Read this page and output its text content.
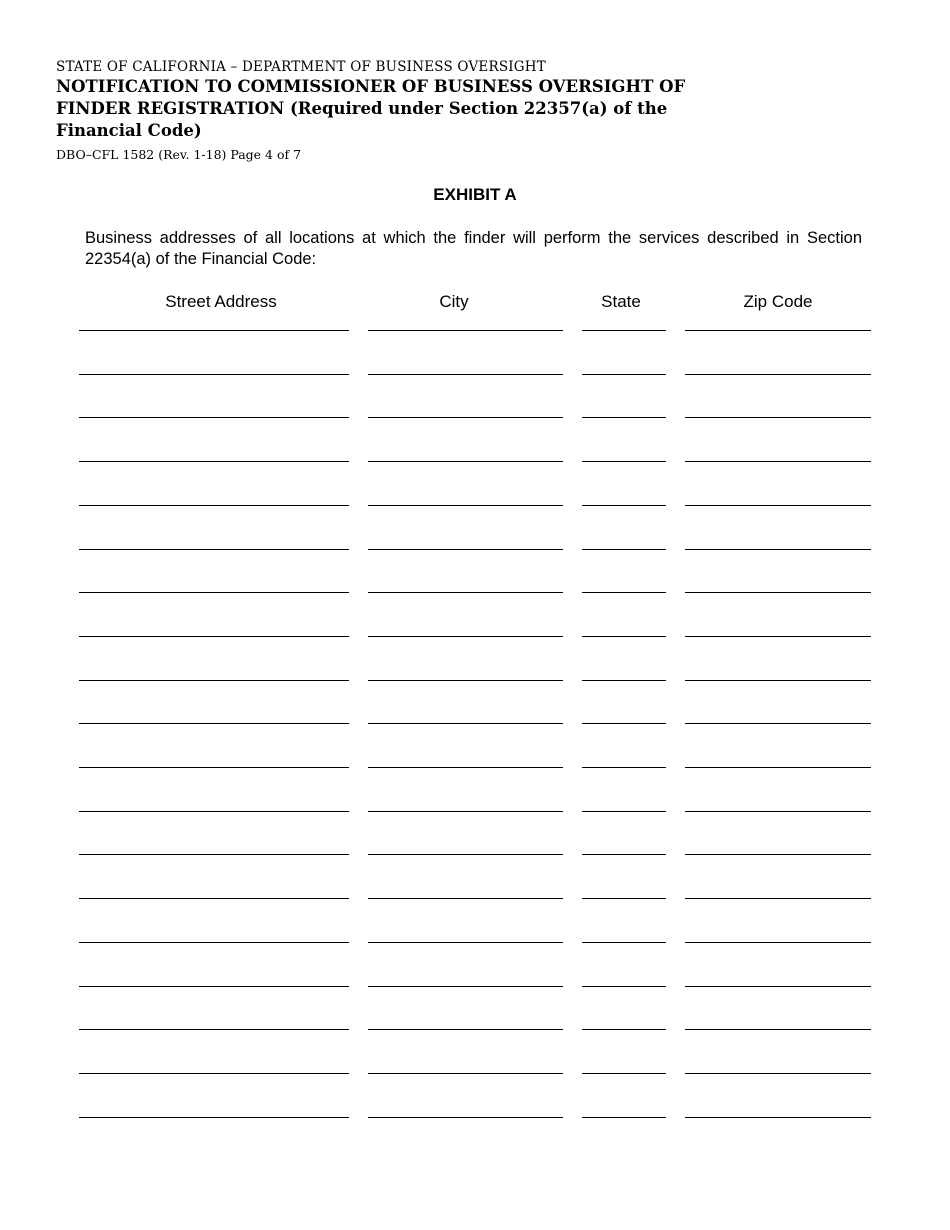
STATE OF CALIFORNIA – DEPARTMENT OF BUSINESS OVERSIGHT
NOTIFICATION TO COMMISSIONER OF BUSINESS OVERSIGHT OF FINDER REGISTRATION (Required under Section 22357(a) of the Financial Code)
DBO–CFL 1582 (Rev. 1-18) Page 4 of 7
EXHIBIT A
Business addresses of all locations at which the finder will perform the services described in Section 22354(a) of the Financial Code:
Street Address	City	State	Zip Code
